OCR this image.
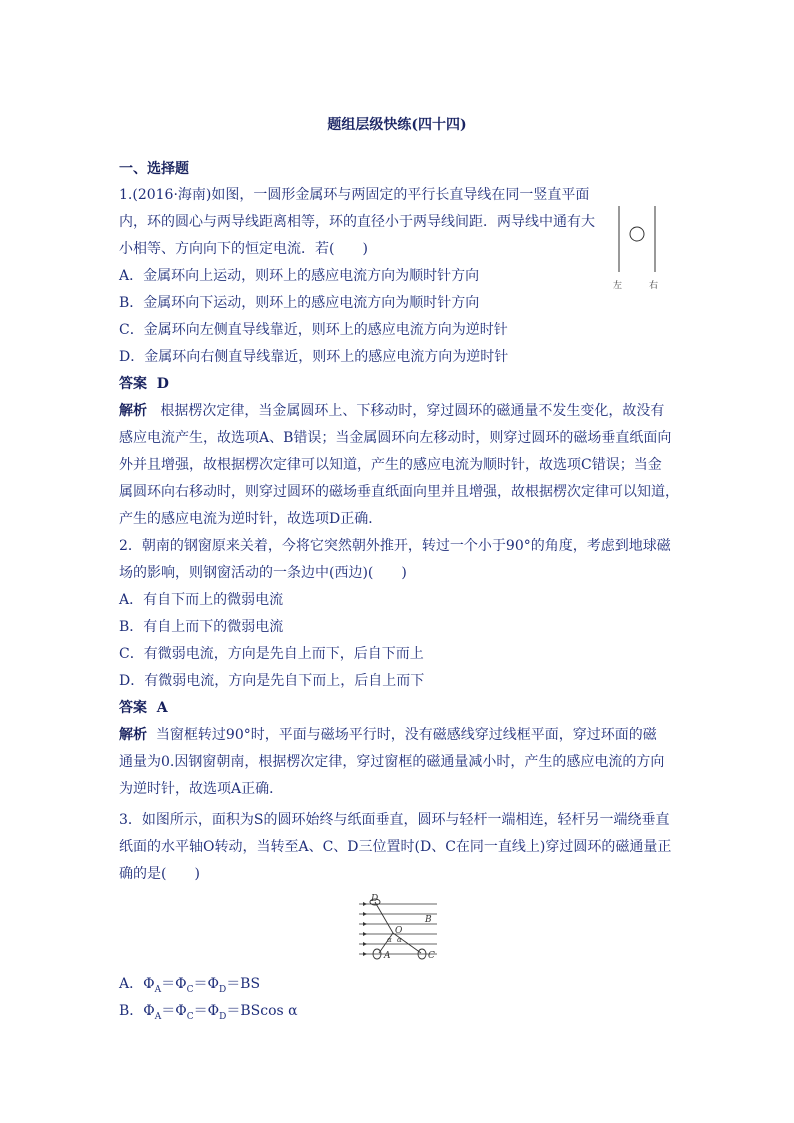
题组层级快练(四十四)
一、选择题
1.(2016·海南)如图，一圆形金属环与两固定的平行长直导线在同一竖直平面
内，环的圆心与两导线距离相等，环的直径小于两导线间距．两导线中通有大
小相等、方向向下的恒定电流．若(　　)
A．金属环向上运动，则环上的感应电流方向为顺时针方向
B．金属环向下运动，则环上的感应电流方向为顺时针方向
C．金属环向左侧直导线靠近，则环上的感应电流方向为逆时针
D．金属环向右侧直导线靠近，则环上的感应电流方向为逆时针
答案 D
解析 根据楞次定律，当金属圆环上、下移动时，穿过圆环的磁通量不发生变化，故没有
感应电流产生，故选项A、B错误；当金属圆环向左移动时，则穿过圆环的磁场垂直纸面向
外并且增强，故根据楞次定律可以知道，产生的感应电流为顺时针，故选项C错误；当金
属圆环向右移动时，则穿过圆环的磁场垂直纸面向里并且增强，故根据楞次定律可以知道，
产生的感应电流为逆时针，故选项D正确．
左	右
2．朝南的钢窗原来关着，今将它突然朝外推开，转过一个小于90°的角度，考虑到地球磁
场的影响，则钢窗活动的一条边中(西边)(　　)
A．有自下而上的微弱电流
B．有自上而下的微弱电流
C．有微弱电流，方向是先自上而下，后自下而上
D．有微弱电流，方向是先自下而上，后自上而下
答案 A
解析 当窗框转过90°时，平面与磁场平行时，没有磁感线穿过线框平面，穿过环面的磁
通量为0.因钢窗朝南，根据楞次定律，穿过窗框的磁通量减小时，产生的感应电流的方向
为逆时针，故选项A正确．
3．如图所示，面积为S的圆环始终与纸面垂直，圆环与轻杆一端相连，轻杆另一端绕垂直
纸面的水平轴O转动，当转至A、C、D三位置时(D、C在同一直线上)穿过圆环的磁通量正
确的是(　　)
D
B
O
α α
A	C
A．$\Phi_A=\Phi_C=\Phi_D=BS$
B．$\Phi_A=\Phi_C=\Phi_D=BScos$ α
